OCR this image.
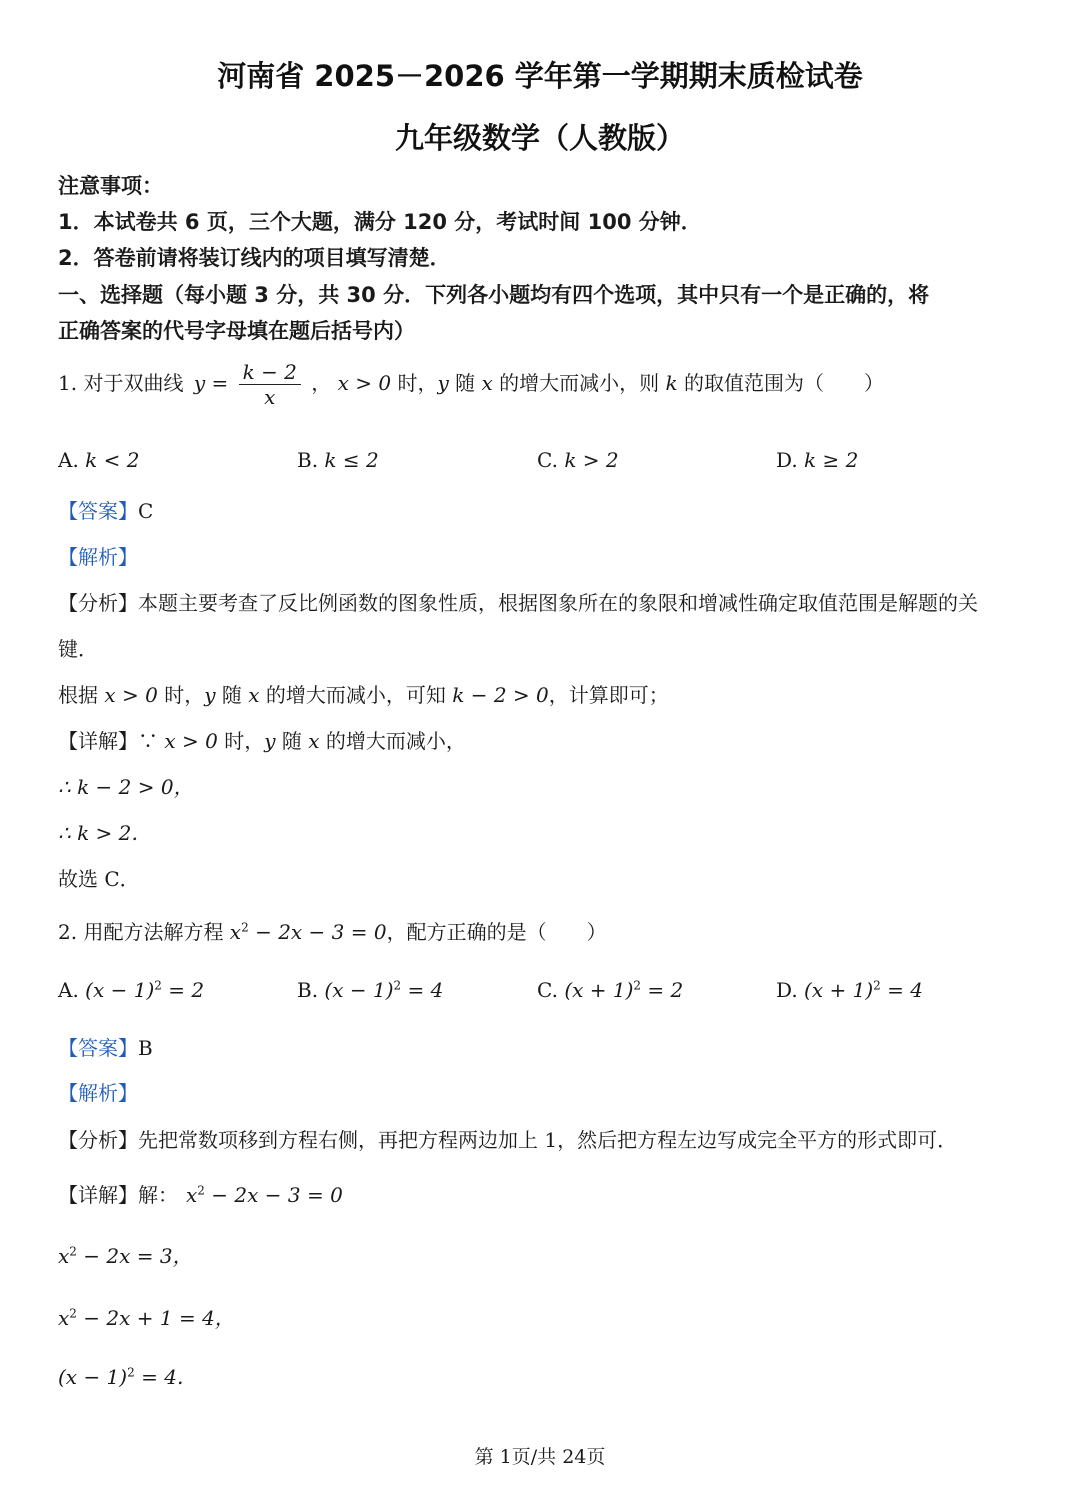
河南省 2025－2026 学年第一学期期末质检试卷
九年级数学（人教版）
注意事项：
1．本试卷共 6 页，三个大题，满分 120 分，考试时间 100 分钟．
2．答卷前请将装订线内的项目填写清楚．
一、选择题（每小题 3 分，共 30 分．下列各小题均有四个选项，其中只有一个是正确的，将
正确答案的代号字母填在题后括号内）
1. 对于双曲线 $y = \frac{k - 2}{x}$ ， x > 0 时，y 随 x 的增大而减小，则 k 的取值范围为（　　）
A. k < 2	B. k ≤ 2	C. k > 2	D. k ≥ 2
【答案】C
【解析】
【分析】本题主要考查了反比例函数的图象性质，根据图象所在的象限和增减性确定取值范围是解题的关
键．
根据 x > 0 时，y 随 x 的增大而减小，可知 k − 2 > 0，计算即可；
【详解】∵ x > 0 时，y 随 x 的增大而减小，
∴ k − 2 > 0，
∴ k > 2．
故选 C．
2. 用配方法解方程 $x^2 - 2x - 3 = 0$，配方正确的是（　　）
A. $(x - 1)^2 = 2$	B. $(x - 1)^2 = 4$	C. $(x + 1)^2 = 2$	D. $(x + 1)^2 = 4$
【答案】B
【解析】
【分析】先把常数项移到方程右侧，再把方程两边加上 1，然后把方程左边写成完全平方的形式即可．
【详解】解： $x^2 - 2x - 3 = 0$
$x^2 - 2x = 3$，
$x^2 - 2x + 1 = 4$，
$(x - 1)^2 = 4$．
第 1页/共 24页
